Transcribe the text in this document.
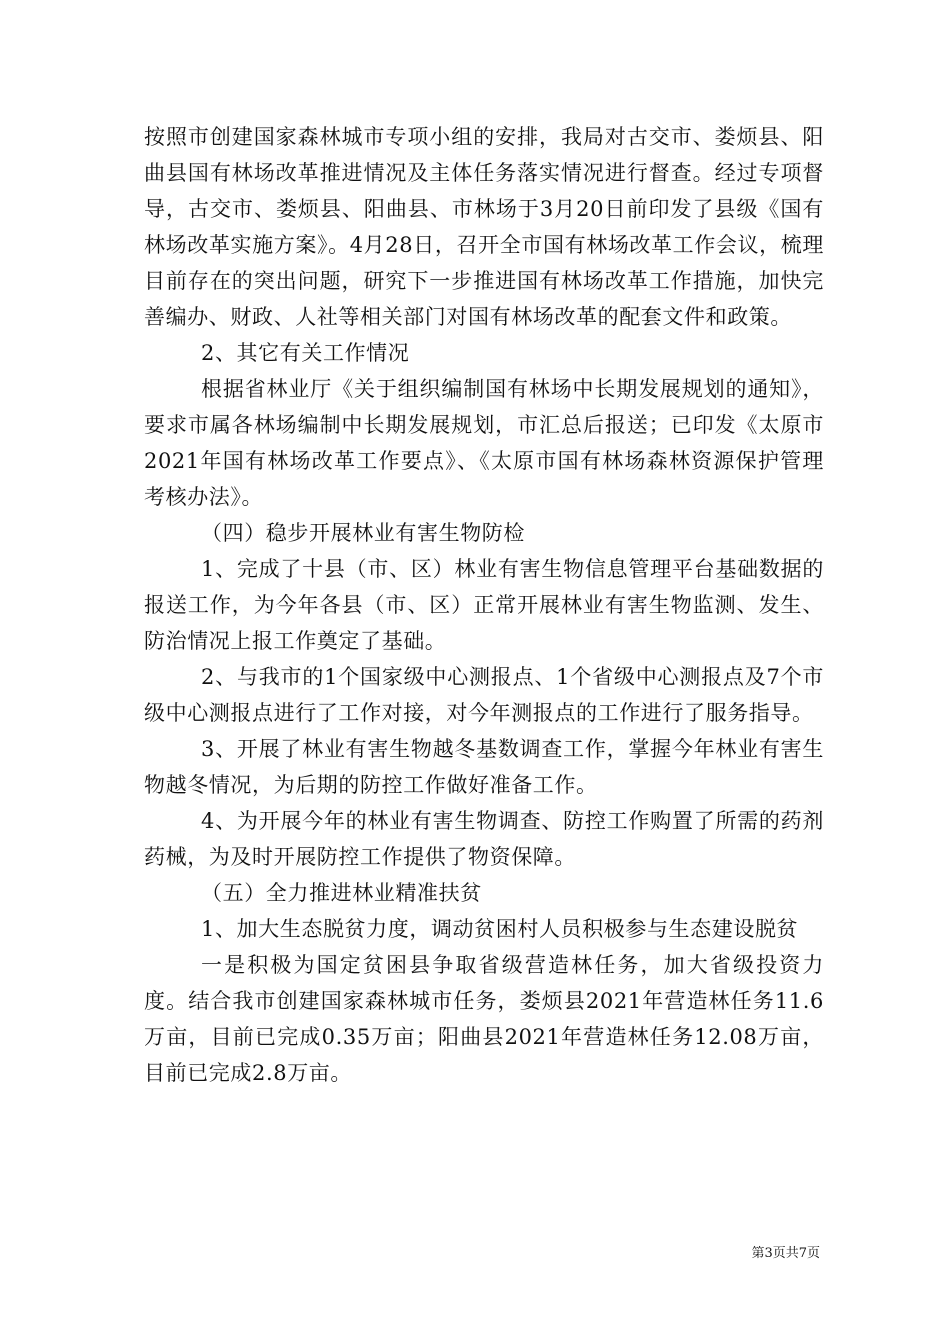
按照市创建国家森林城市专项小组的安排，我局对古交市、娄烦县、阳曲县国有林场改革推进情况及主体任务落实情况进行督查。经过专项督导，古交市、娄烦县、阳曲县、市林场于3月20日前印发了县级《国有林场改革实施方案》。4月28日，召开全市国有林场改革工作会议，梳理目前存在的突出问题，研究下一步推进国有林场改革工作措施，加快完善编办、财政、人社等相关部门对国有林场改革的配套文件和政策。

2、其它有关工作情况

根据省林业厅《关于组织编制国有林场中长期发展规划的通知》，要求市属各林场编制中长期发展规划，市汇总后报送；已印发《太原市2021年国有林场改革工作要点》、《太原市国有林场森林资源保护管理考核办法》。

（四）稳步开展林业有害生物防检

1、完成了十县（市、区）林业有害生物信息管理平台基础数据的报送工作，为今年各县（市、区）正常开展林业有害生物监测、发生、防治情况上报工作奠定了基础。

2、与我市的1个国家级中心测报点、1个省级中心测报点及7个市级中心测报点进行了工作对接，对今年测报点的工作进行了服务指导。

3、开展了林业有害生物越冬基数调查工作，掌握今年林业有害生物越冬情况，为后期的防控工作做好准备工作。

4、为开展今年的林业有害生物调查、防控工作购置了所需的药剂药械，为及时开展防控工作提供了物资保障。

（五）全力推进林业精准扶贫

1、加大生态脱贫力度，调动贫困村人员积极参与生态建设脱贫

一是积极为国定贫困县争取省级营造林任务，加大省级投资力度。结合我市创建国家森林城市任务，娄烦县2021年营造林任务11.6万亩，目前已完成0.35万亩；阳曲县2021年营造林任务12.08万亩，目前已完成2.8万亩。

第3页共7页
